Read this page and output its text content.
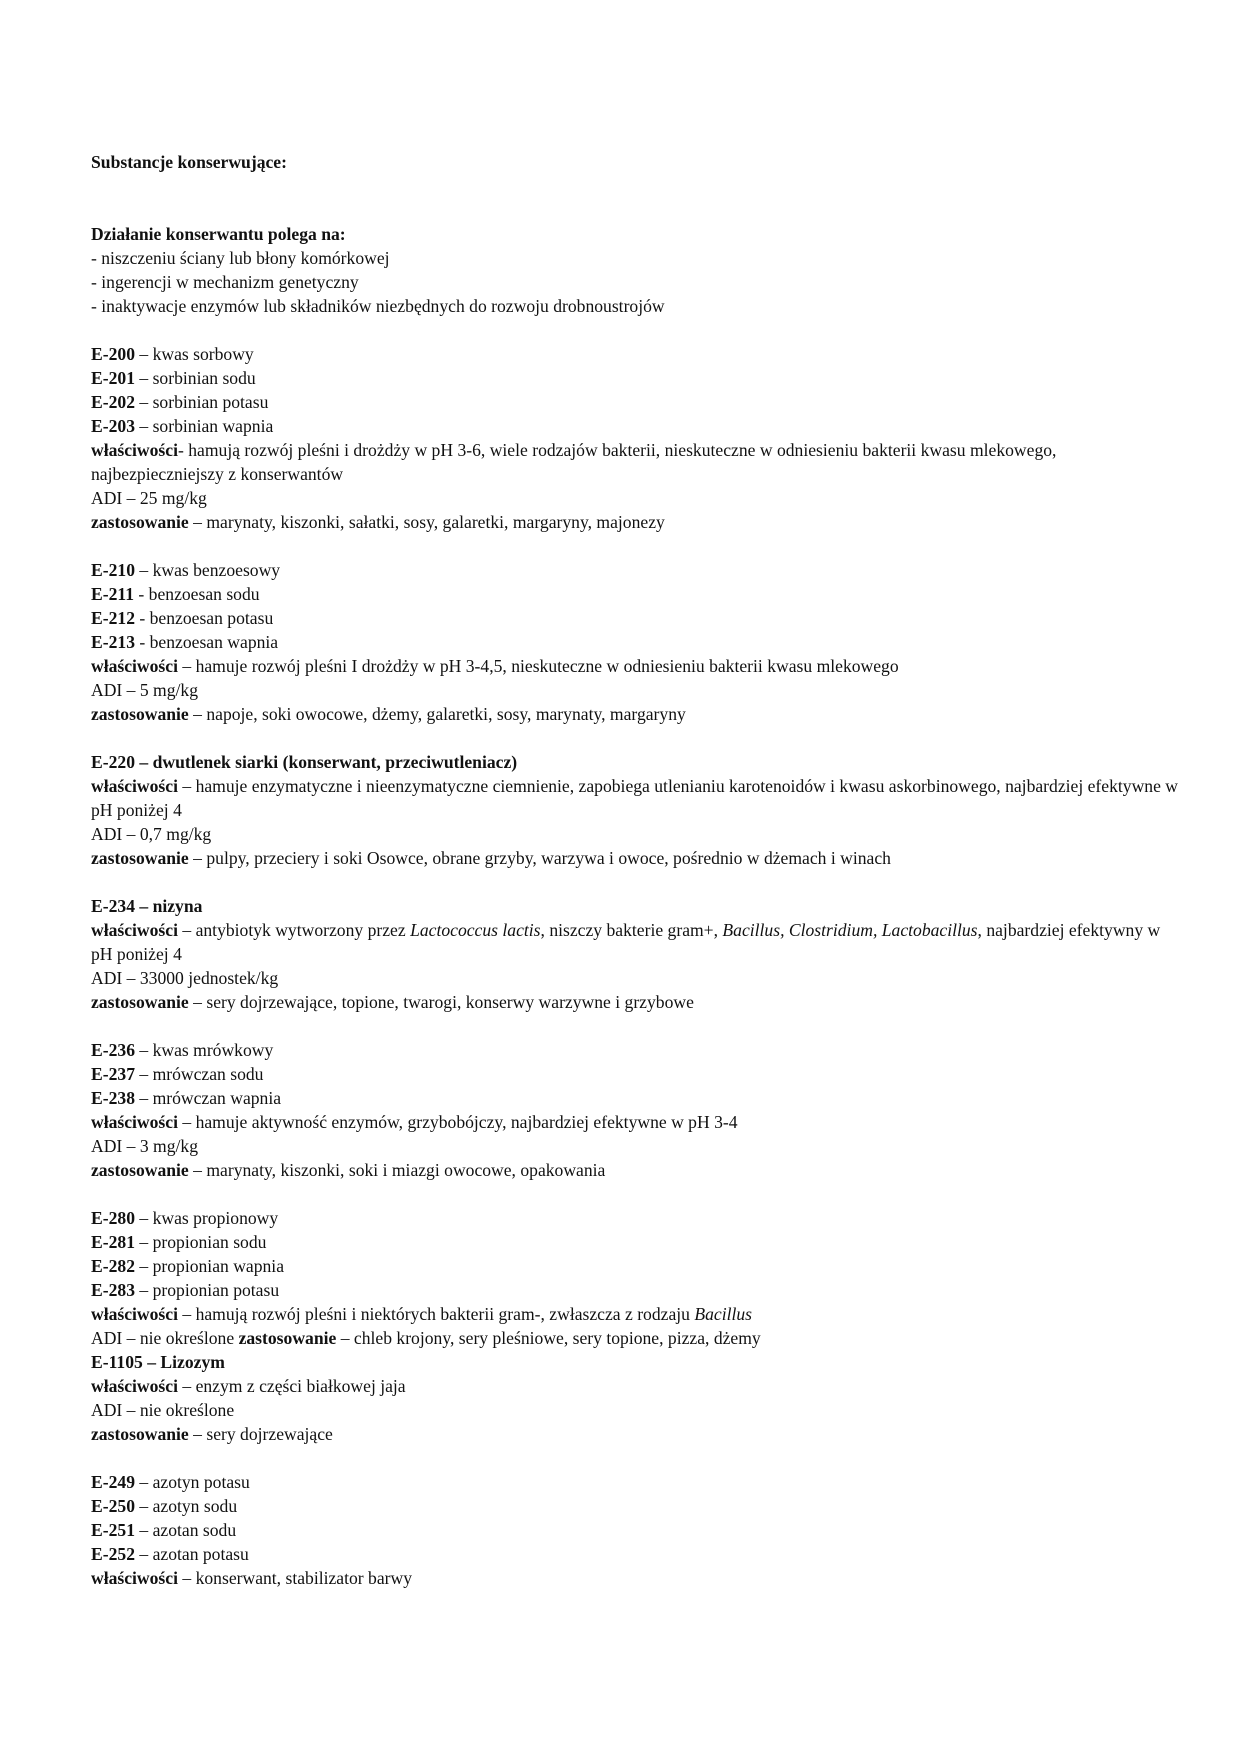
Substancje konserwujące:
Działanie konserwantu polega na:
- niszczeniu ściany lub błony komórkowej
- ingerencji w mechanizm genetyczny
- inaktywacje enzymów lub składników niezbędnych do rozwoju drobnoustrojów
E-200 – kwas sorbowy
E-201 – sorbinian sodu
E-202 – sorbinian potasu
E-203 – sorbinian wapnia
właściwości- hamują rozwój pleśni i drożdży w pH 3-6, wiele rodzajów bakterii, nieskuteczne w odniesieniu bakterii kwasu mlekowego, najbezpieczniejszy z konserwantów
ADI – 25 mg/kg
zastosowanie – marynaty, kiszonki, sałatki, sosy, galaretki, margaryny, majonezy
E-210 – kwas benzoesowy
E-211 - benzoesan sodu
E-212 - benzoesan potasu
E-213 - benzoesan wapnia
właściwości – hamuje rozwój pleśni I drożdży w pH 3-4,5, nieskuteczne w odniesieniu bakterii kwasu mlekowego
ADI – 5 mg/kg
zastosowanie – napoje, soki owocowe, dżemy, galaretki, sosy, marynaty, margaryny
E-220 – dwutlenek siarki (konserwant, przeciwutleniacz)
właściwości – hamuje enzymatyczne i nieenzymatyczne ciemnienie, zapobiega utlenianiu karotenoidów i kwasu askorbinowego, najbardziej efektywne w pH poniżej 4
ADI – 0,7 mg/kg
zastosowanie – pulpy, przeciery i soki Osowce, obrane grzyby, warzywa i owoce, pośrednio w dżemach i winach
E-234 – nizyna
właściwości – antybiotyk wytworzony przez Lactococcus lactis, niszczy bakterie gram+, Bacillus, Clostridium, Lactobacillus, najbardziej efektywny w pH poniżej 4
ADI – 33000 jednostek/kg
zastosowanie – sery dojrzewające, topione, twarogi, konserwy warzywne i grzybowe
E-236 – kwas mrówkowy
E-237 – mrówczan sodu
E-238 – mrówczan wapnia
właściwości – hamuje aktywność enzymów, grzybobójczy, najbardziej efektywne w pH 3-4
ADI – 3 mg/kg
zastosowanie – marynaty, kiszonki, soki i miazgi owocowe, opakowania
E-280 – kwas propionowy
E-281 – propionian sodu
E-282 – propionian wapnia
E-283 – propionian potasu
właściwości – hamują rozwój pleśni i niektórych bakterii gram-, zwłaszcza z rodzaju Bacillus
ADI – nie określone zastosowanie – chleb krojony, sery pleśniowe, sery topione, pizza, dżemy
E-1105 – Lizozym
właściwości – enzym z części białkowej jaja
ADI – nie określone
zastosowanie – sery dojrzewające
E-249 – azotyn potasu
E-250 – azotyn sodu
E-251 – azotan sodu
E-252 – azotan potasu
właściwości – konserwant, stabilizator barwy
